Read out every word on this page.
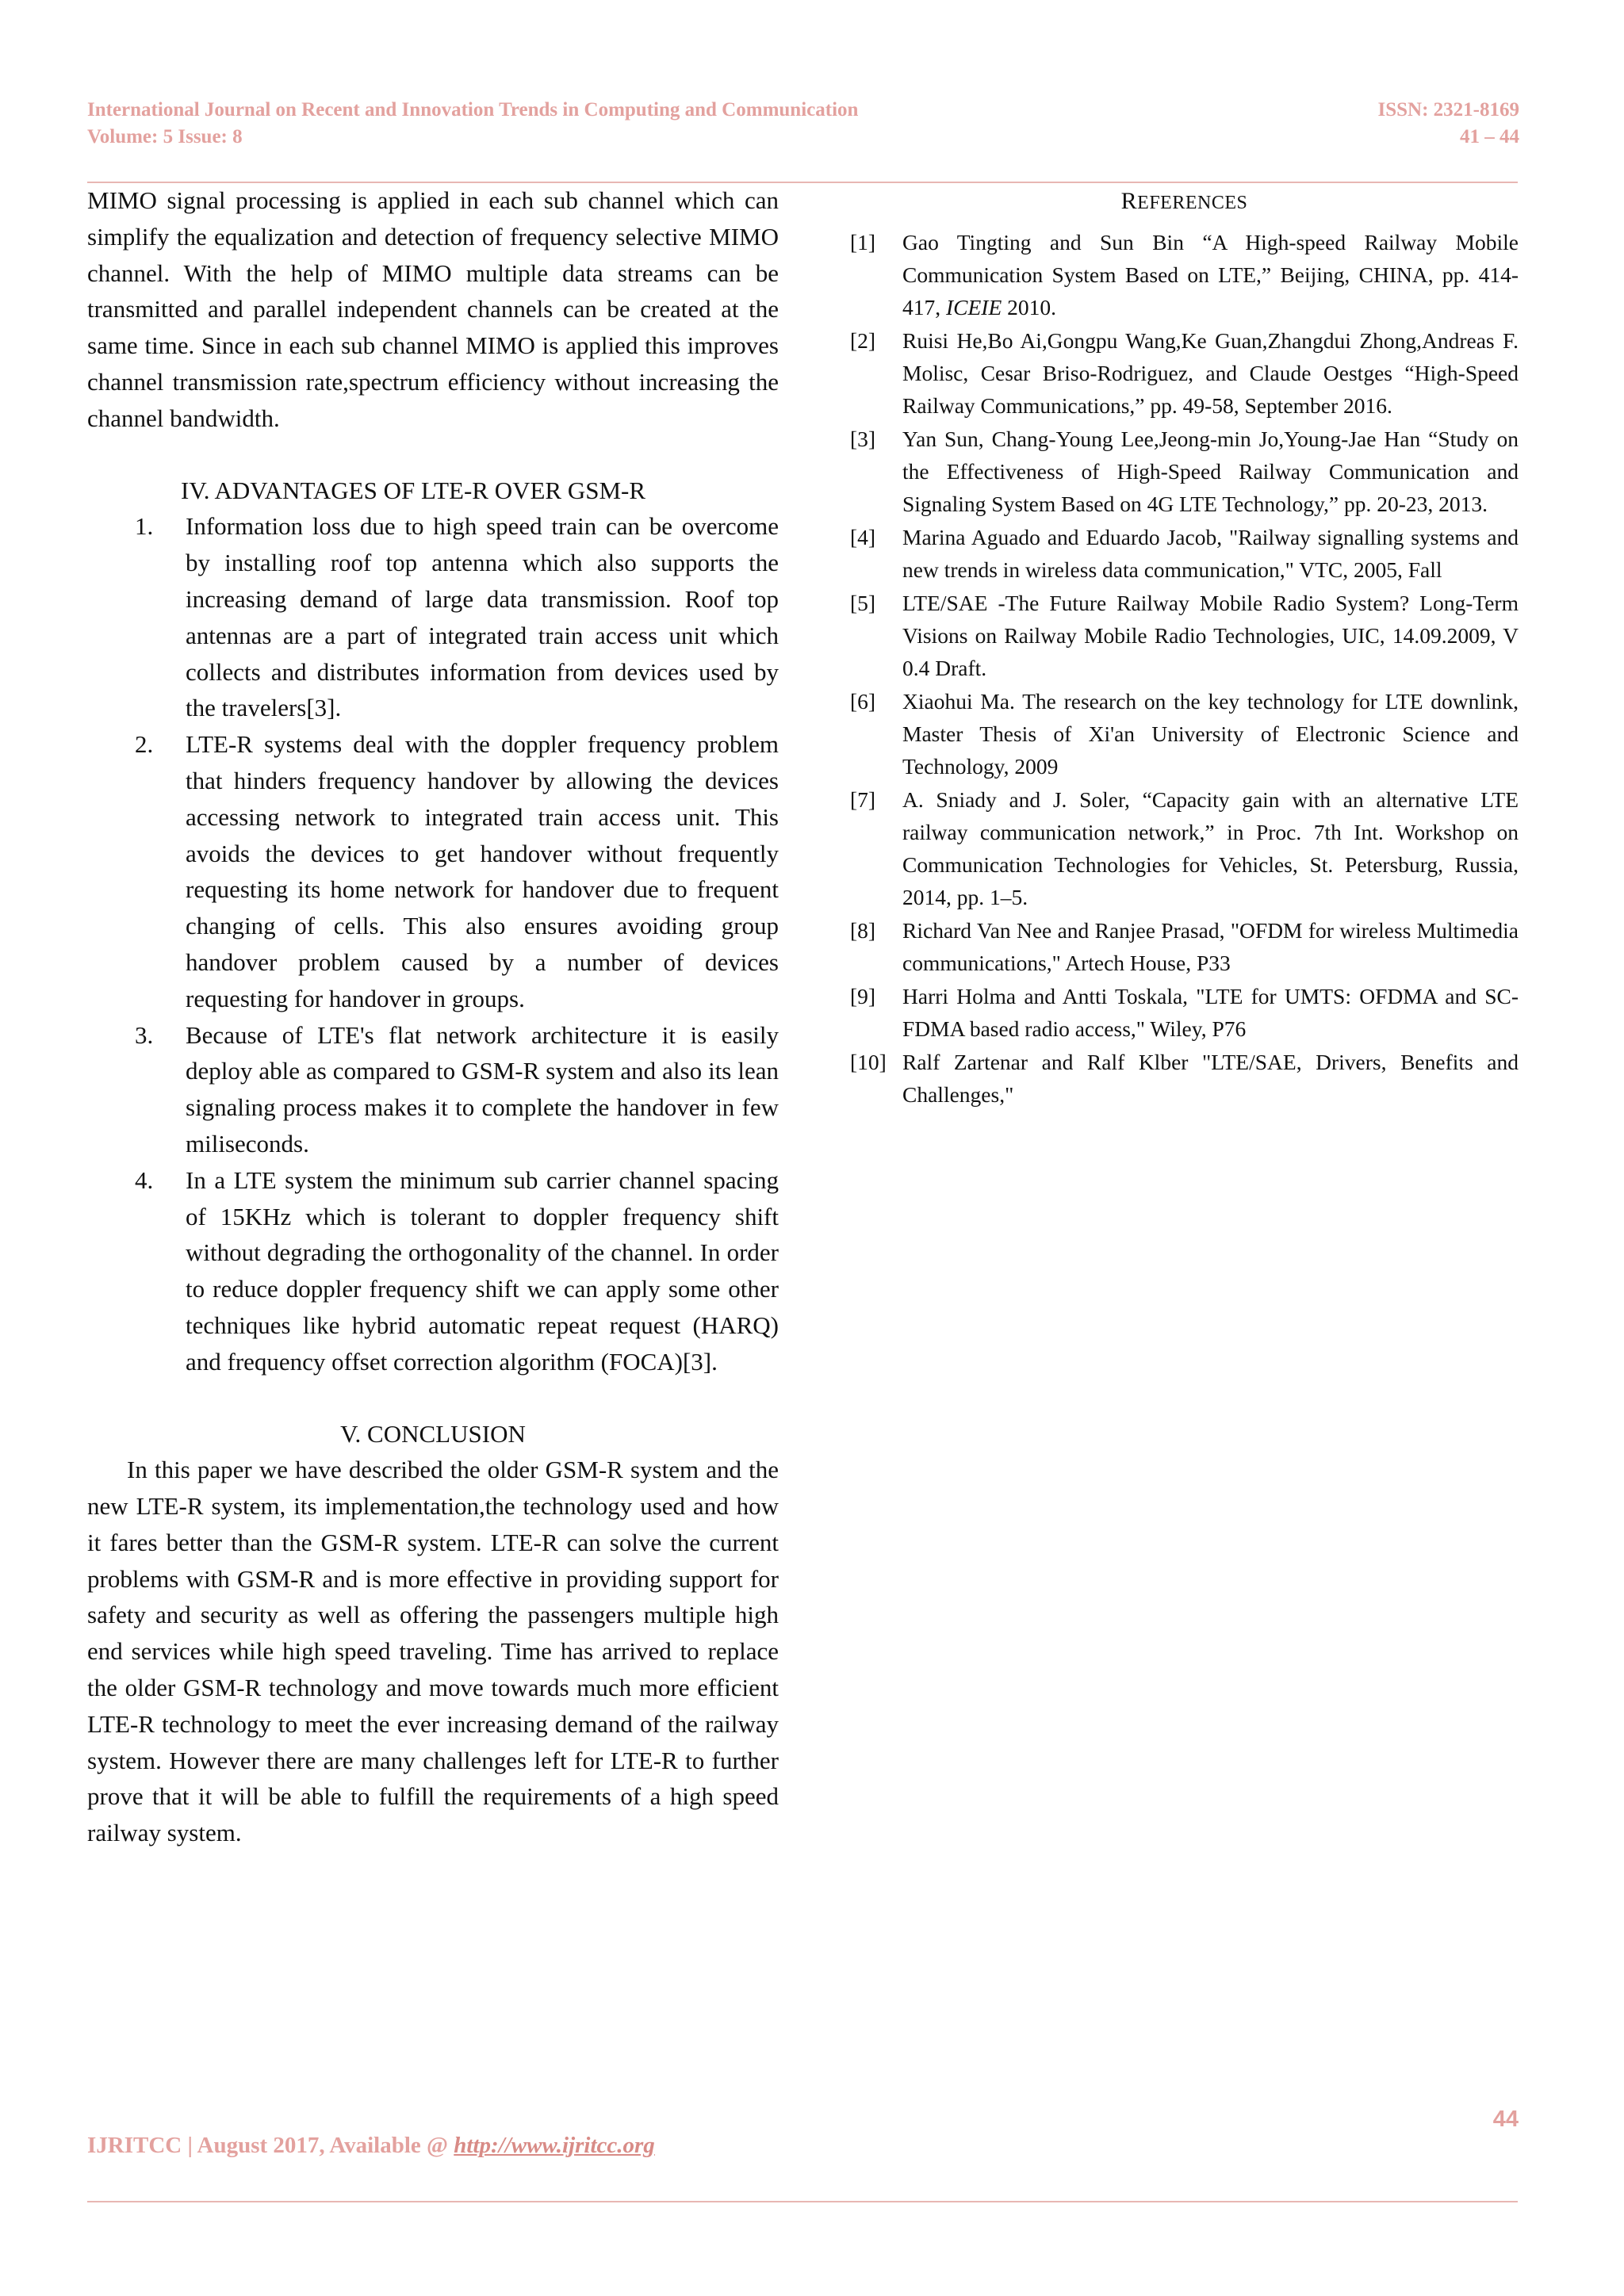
International Journal on Recent and Innovation Trends in Computing and Communication
Volume: 5 Issue: 8
ISSN: 2321-8169
41 – 44

MIMO signal processing is applied in each sub channel which can simplify the equalization and detection of frequency selective MIMO channel. With the help of MIMO multiple data streams can be transmitted and parallel independent channels can be created at the same time. Since in each sub channel MIMO is applied this improves channel transmission rate,spectrum efficiency without increasing the channel bandwidth.

IV. ADVANTAGES OF LTE-R OVER GSM-R

1.	Information loss due to high speed train can be overcome by installing roof top antenna which also supports the increasing demand of large data transmission. Roof top antennas are a part of integrated train access unit which collects and distributes information from devices used by the travelers[3].
2.	LTE-R systems deal with the doppler frequency problem that hinders frequency handover by allowing the devices accessing network to integrated train access unit. This avoids the devices to get handover without frequently requesting its home network for handover due to frequent changing of cells. This also ensures avoiding group handover problem caused by a number of devices requesting for handover in groups.
3.	Because of LTE's flat network architecture it is easily deploy able as compared to GSM-R system and also its lean signaling process makes it to complete the handover in few miliseconds.
4.	In a LTE system the minimum sub carrier channel spacing of 15KHz which is tolerant to doppler frequency shift without degrading the orthogonality of the channel. In order to reduce doppler frequency shift we can apply some other techniques like hybrid automatic repeat request (HARQ) and frequency offset correction algorithm (FOCA)[3].

V. CONCLUSION

In this paper we have described the older GSM-R system and the new LTE-R system, its implementation,the technology used and how it fares better than the GSM-R system. LTE-R can solve the current problems with GSM-R and is more effective in providing support for safety and security as well as offering the passengers multiple high end services while high speed traveling. Time has arrived to replace the older GSM-R technology and move towards much more efficient LTE-R technology to meet the ever increasing demand of the railway system. However there are many challenges left for LTE-R to further prove that it will be able to fulfill the requirements of a high speed railway system.

REFERENCES

[1]	Gao Tingting and Sun Bin “A High-speed Railway Mobile Communication System Based on LTE,” Beijing, CHINA, pp. 414-417, ICEIE 2010.
[2]	Ruisi He,Bo Ai,Gongpu Wang,Ke Guan,Zhangdui Zhong,Andreas F. Molisc, Cesar Briso-Rodriguez, and Claude Oestges “High-Speed Railway Communications,” pp. 49-58, September 2016.
[3]	Yan Sun, Chang-Young Lee,Jeong-min Jo,Young-Jae Han “Study on the Effectiveness of High-Speed Railway Communication and Signaling System Based on 4G LTE Technology,” pp. 20-23, 2013.
[4]	Marina Aguado and Eduardo Jacob, "Railway signalling systems and new trends in wireless data communication," VTC, 2005, Fall
[5]	LTE/SAE -The Future Railway Mobile Radio System? Long-Term Visions on Railway Mobile Radio Technologies, UIC, 14.09.2009, V 0.4 Draft.
[6]	Xiaohui Ma. The research on the key technology for LTE downlink, Master Thesis of Xi'an University of Electronic Science and Technology, 2009
[7]	A. Sniady and J. Soler, “Capacity gain with an alternative LTE railway communication network,” in Proc. 7th Int. Workshop on Communication Technologies for Vehicles, St. Petersburg, Russia, 2014, pp. 1–5.
[8]	Richard Van Nee and Ranjee Prasad, "OFDM for wireless Multimedia communications," Artech House, P33
[9]	Harri Holma and Antti Toskala, "LTE for UMTS: OFDMA and SC-FDMA based radio access," Wiley, P76
[10] Ralf Zartenar and Ralf Klber "LTE/SAE, Drivers, Benefits and Challenges,"
44
IJRITCC | August 2017, Available @ http://www.ijritcc.org
